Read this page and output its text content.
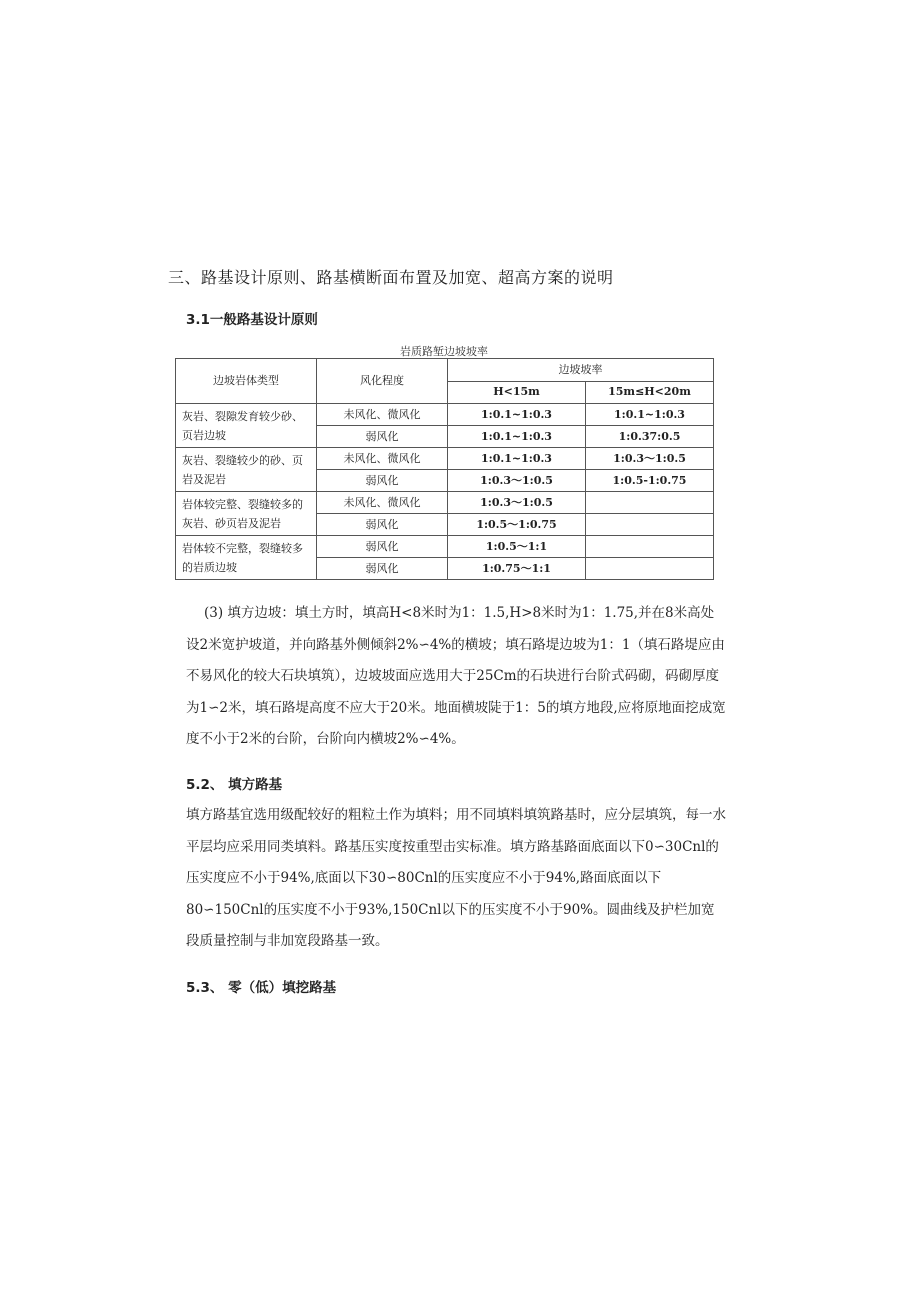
三、路基设计原则、路基横断面布置及加宽、超高方案的说明
3.1一般路基设计原则
岩质路堑边坡坡率
边坡岩体类型	风化程度	边坡坡率	
		H<15m	15m≤H<20m
灰岩、裂隙发育较少砂、页岩边坡	未风化、微风化	1:0.1~1:0.3	1:0.1~1:0.3
	弱风化	1:0.1~1:0.3	1:0.37:0.5
灰岩、裂缝较少的砂、页岩及泥岩	未风化、微风化	1:0.1~1:0.3	1:0.3～1:0.5
	弱风化	1:0.3～1:0.5	1:0.5-1:0.75
岩体较完整、裂缝较多的灰岩、砂页岩及泥岩	未风化、微风化	1:0.3～1:0.5	
	弱风化	1:0.5～1:0.75	
岩体较不完整，裂缝较多的岩质边坡	弱风化	1:0.5～1:1	
	弱风化	1:0.75～1:1	

(3) 填方边坡：填土方时，填高H<8米时为1：1.5,H>8米时为1：1.75,并在8米高处设2米宽护坡道，并向路基外侧倾斜2%∽4%的横坡；填石路堤边坡为1：1（填石路堤应由不易风化的较大石块填筑），边坡坡面应选用大于25Cm的石块进行台阶式码砌，码砌厚度为1∽2米，填石路堤高度不应大于20米。地面横坡陡于1：5的填方地段,应将原地面挖成宽度不小于2米的台阶，台阶向内横坡2%∽4%。

5.2、 填方路基

填方路基宜选用级配较好的粗粒土作为填料；用不同填料填筑路基时，应分层填筑，每一水平层均应采用同类填料。路基压实度按重型击实标准。填方路基路面底面以下0∽30Cnl的压实度应不小于94%,底面以下30∽80Cnl的压实度应不小于94%,路面底面以下80∽150Cnl的压实度不小于93%,150Cnl以下的压实度不小于90%。圆曲线及护栏加宽段质量控制与非加宽段路基一致。

5.3、 零（低）填挖路基
